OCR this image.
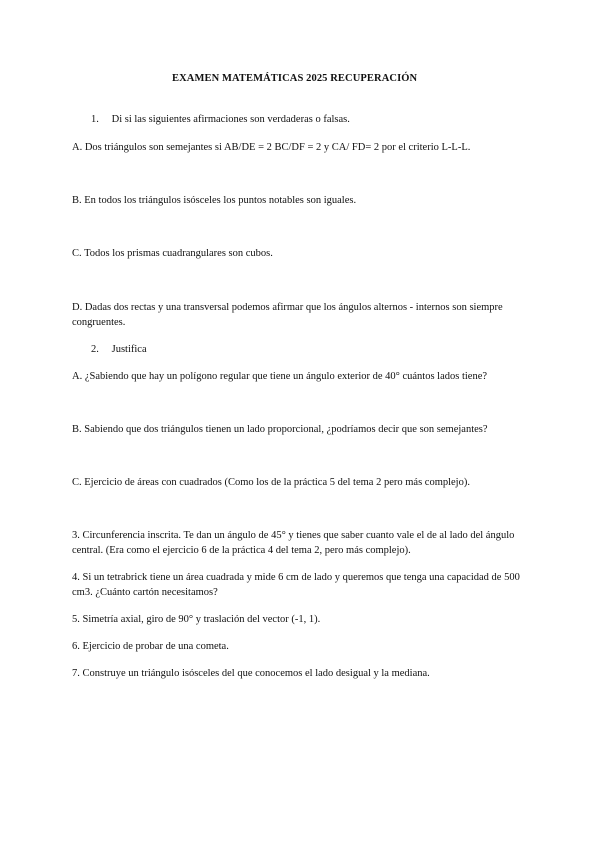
EXAMEN MATEMÁTICAS 2025 RECUPERACIÓN
1. Di si las siguientes afirmaciones son verdaderas o falsas.
A. Dos triángulos son semejantes si AB/DE = 2 BC/DF = 2 y CA/ FD= 2 por el criterio L-L-L.
B. En todos los triángulos isósceles los puntos notables son iguales.
C. Todos los prismas cuadrangulares son cubos.
D. Dadas dos rectas y una transversal podemos afirmar que los ángulos alternos - internos son siempre congruentes.
2. Justifica
A. ¿Sabiendo que hay un polígono regular que tiene un ángulo exterior de 40° cuántos lados tiene?
B. Sabiendo que dos triángulos tienen un lado proporcional, ¿podríamos decir que son semejantes?
C. Ejercicio de áreas con cuadrados (Como los de la práctica 5 del tema 2 pero más complejo).
3. Circunferencia inscrita. Te dan un ángulo de 45° y tienes que saber cuanto vale el de al lado del ángulo central. (Era como el ejercicio 6 de la práctica 4 del tema 2, pero más complejo).
4. Si un tetrabrick tiene un área cuadrada y mide 6 cm de lado y queremos que tenga una capacidad de 500 cm3. ¿Cuánto cartón necesitamos?
5. Simetría axial, giro de 90° y traslación del vector (-1, 1).
6. Ejercicio de probar de una cometa.
7. Construye un triángulo isósceles del que conocemos el lado desigual y la mediana.
